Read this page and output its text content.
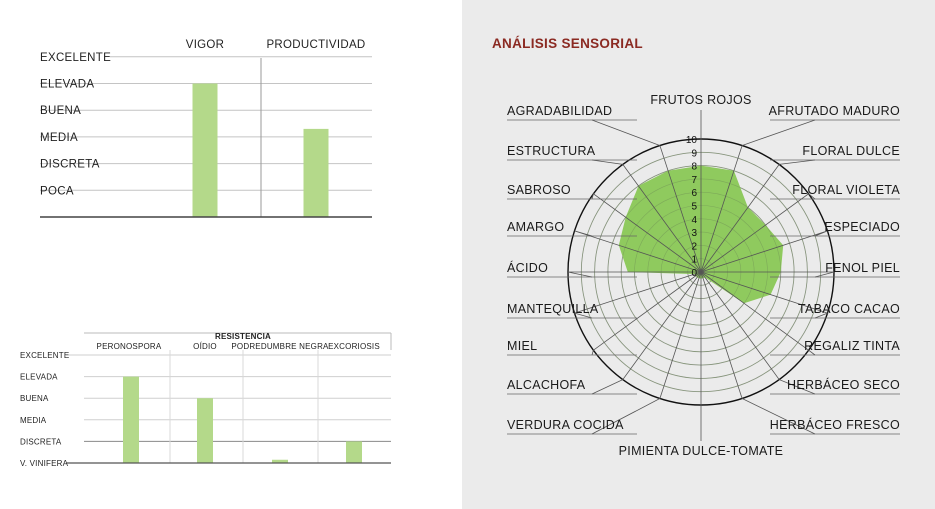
POCA
DISCRETA
MEDIA
BUENA
ELEVADA
EXCELENTE
VIGOR	PRODUCTIVIDAD
RESISTENCIA
V. VINIFERA
DISCRETA
MEDIA
BUENA
ELEVADA
EXCELENTE
PERONOSPORA	OÍDIO PODREDUMBRE NEGRA EXCORIOSIS
ANÁLISIS SENSORIAL
FRUTOS ROJOS
AFRUTADO MADURO
FLORAL DULCE
FLORAL VIOLETA
ESPECIADO
FENOL PIEL
TABACO CACAO
REGALIZ TINTA
HERBÁCEO SECO
HERBÁCEO FRESCO
PIMIENTA DULCE-TOMATE
VERDURA COCIDA
ALCACHOFA
MIEL
MANTEQUILLA
ÁCIDO
AMARGO
SABROSO
ESTRUCTURA
AGRADABILIDAD
0
1
2
3
4
5
6
7
8
9
10
